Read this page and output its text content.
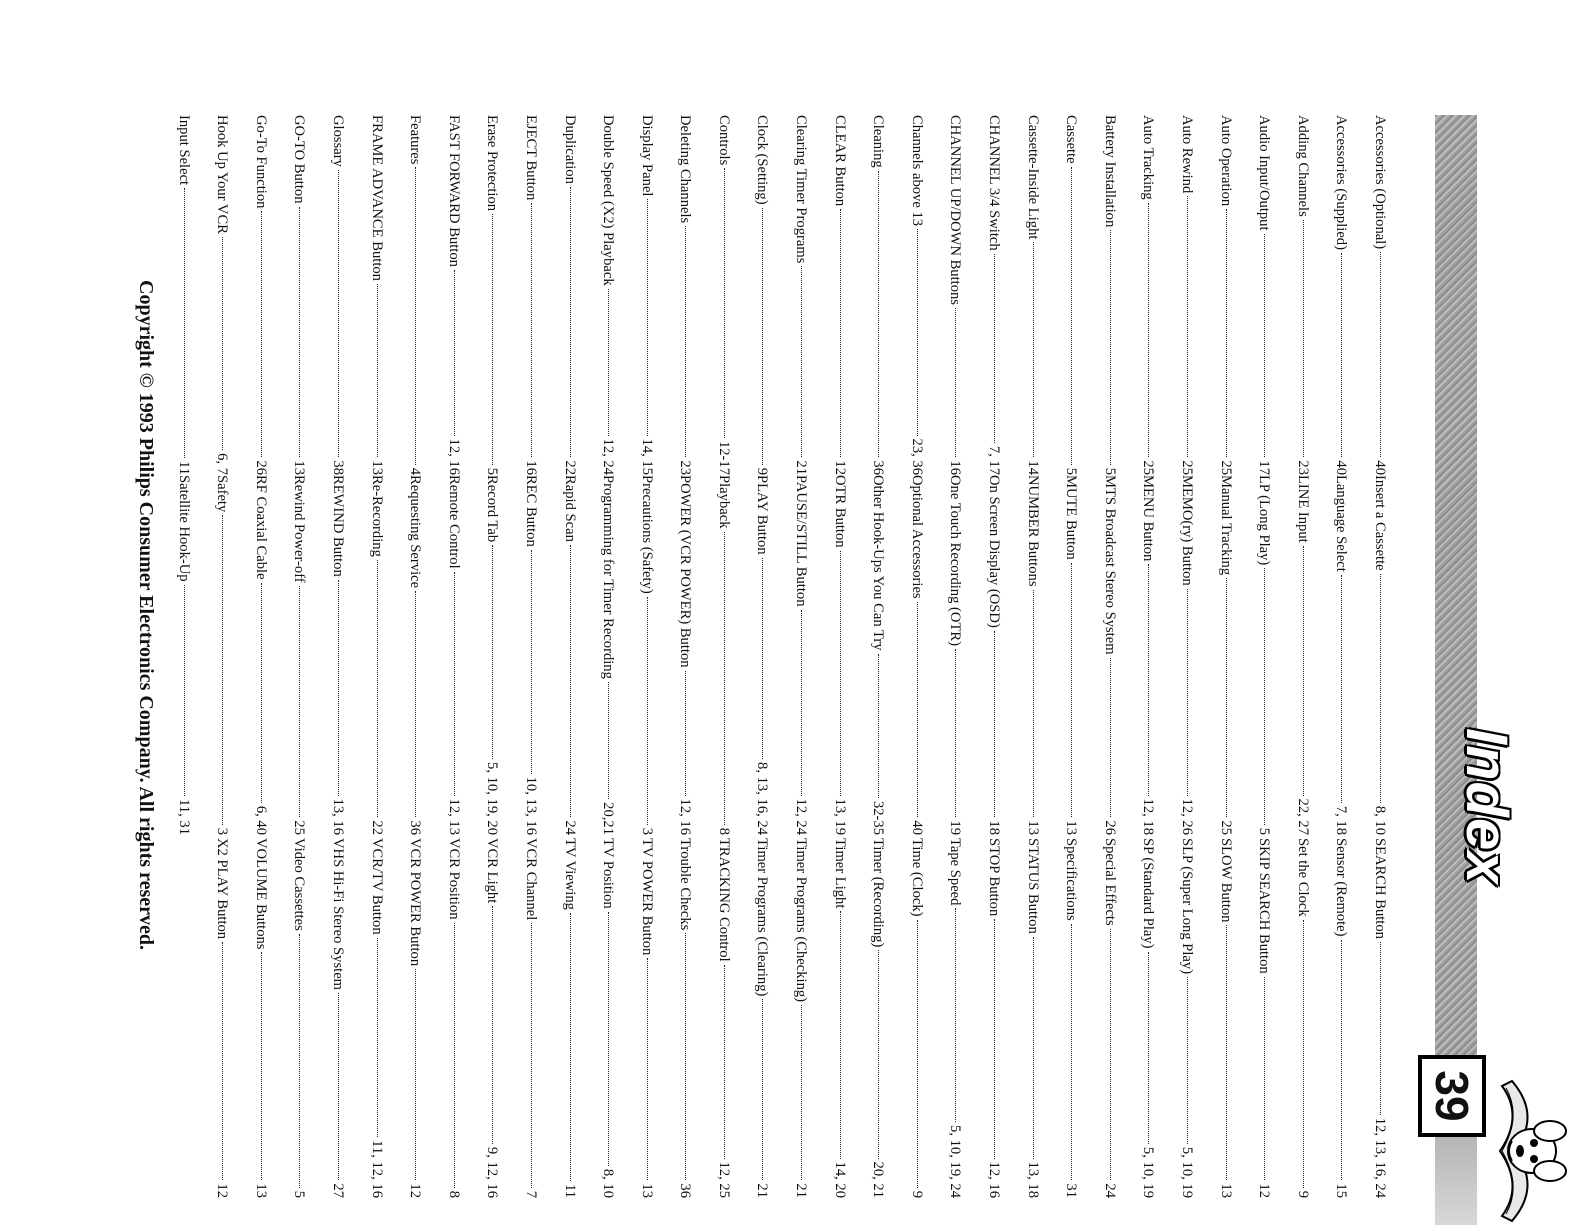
Index
39
Accessories (Optional)
40
Accessories (Supplied)
40
Adding Channels
23
Audio Input/Output
17
Auto Operation
25
Auto Rewind
25
Auto Tracking
25
Battery Installation
5
Cassette
5
Cassette-Inside Light
14
CHANNEL 3/4 Switch
7, 17
CHANNEL UP/DOWN Buttons
16
Channels above 13
23, 36
Cleaning
36
CLEAR Button
12
Clearing Timer Programs
21
Clock (Setting)
9
Controls
12-17
Deleting Channels
23
Display Panel
14, 15
Double Speed (X2) Playback
12, 24
Duplication
22
EJECT Button
16
Erase Protection
5
FAST FORWARD Button
12, 16
Features
4
FRAME ADVANCE Button
13
Glossary
38
GO-TO Button
13
Go-To Function
26
Hook Up Your VCR
6, 7
Input Select
11
Insert a Cassette
8, 10
Language Select
7, 18
LINE Input
22, 27
LP (Long Play)
5
Manual Tracking
25
MEMO(ry) Button
12, 26
MENU Button
12, 18
MTS Broadcast Stereo System
26
MUTE Button
13
NUMBER Buttons
13
On Screen Display (OSD)
18
One Touch Recording (OTR)
19
Optional Accessories
40
Other Hook-Ups You Can Try
32-35
OTR Button
13, 19
PAUSE/STILL Button
12, 24
PLAY Button
8, 13, 16, 24
Playback
8
POWER (VCR POWER) Button
12, 16
Precautions (Safety)
3
Programming for Timer Recording
20,21
Rapid Scan
24
REC Button
10, 13, 16
Record Tab
5, 10, 19, 20
Remote Control
12, 13
Requesting Service
36
Re-Recording
22
REWIND Button
13, 16
Rewind Power-off
25
RF Coaxial Cable
6, 40
Safety
3
Satellite Hook-Up
11, 31
SEARCH Button
12, 13, 16, 24
Sensor (Remote)
15
Set the Clock
9
SKIP SEARCH Button
12
SLOW Button
13
SLP (Super Long Play)
5, 10, 19
SP (Standard Play)
5, 10, 19
Special Effects
24
Specifications
31
STATUS Button
13, 18
STOP Button
12, 16
Tape Speed
5, 10, 19, 24
Time (Clock)
9
Timer (Recording)
20, 21
Timer Light
14, 20
Timer Programs (Checking)
21
Timer Programs (Clearing)
21
TRACKING Control
12, 25
Trouble Checks
36
TV POWER Button
13
TV Position
8, 10
TV Viewing
11
VCR Channel
7
VCR Light
9, 12, 16
VCR Position
8
VCR POWER Button
12
VCR/TV Button
11, 12, 16
VHS Hi-Fi Stereo System
27
Video Cassettes
5
VOLUME Buttons
13
X2 PLAY Button
12
Copyright © 1993 Philips Consumer Electronics Company. All rights reserved.
